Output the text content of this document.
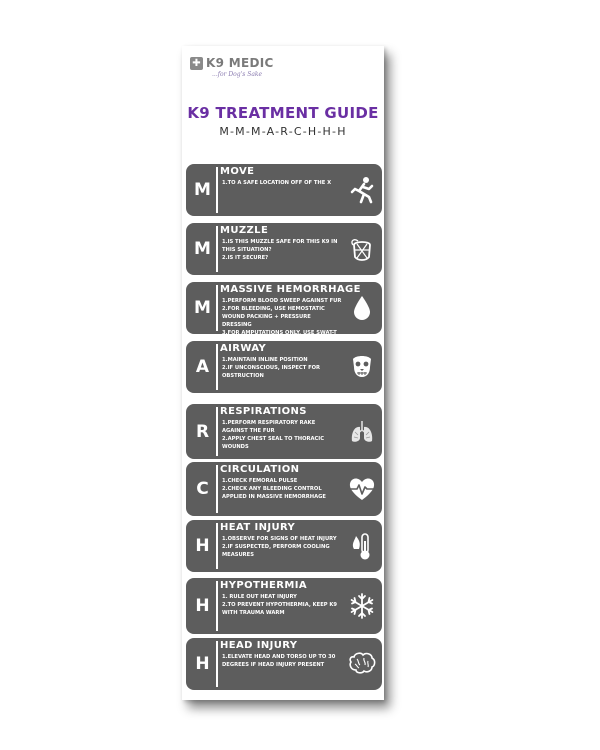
✚ K9 MEDIC
...for Dog's Sake
K9 TREATMENT GUIDE
M-M-M-A-R-C-H-H-H
M
MOVE
1.TO A SAFE LOCATION OFF OF THE X
M
MUZZLE
1.IS THIS MUZZLE SAFE FOR THIS K9 IN THIS SITUATION?
2.IS IT SECURE?
M
MASSIVE HEMORRHAGE
1.PERFORM BLOOD SWEEP AGAINST FUR
2.FOR BLEEDING, USE HEMOSTATIC WOUND PACKING + PRESSURE DRESSING
3.FOR AMPUTATIONS ONLY, USE SWAT-T
A
AIRWAY
1.MAINTAIN INLINE POSITION
2.IF UNCONSCIOUS, INSPECT FOR OBSTRUCTION
R
RESPIRATIONS
1.PERFORM RESPIRATORY RAKE AGAINST THE FUR
2.APPLY CHEST SEAL TO THORACIC WOUNDS
C
CIRCULATION
1.CHECK FEMORAL PULSE
2.CHECK ANY BLEEDING CONTROL APPLIED IN MASSIVE HEMORRHAGE
H
HEAT INJURY
1.OBSERVE FOR SIGNS OF HEAT INJURY
2.IF SUSPECTED, PERFORM COOLING MEASURES
H
HYPOTHERMIA
1. RULE OUT HEAT INJURY
2.TO PREVENT HYPOTHERMIA, KEEP K9 WITH TRAUMA WARM
H
HEAD INJURY
1.ELEVATE HEAD AND TORSO UP TO 30 DEGREES IF HEAD INJURY PRESENT
